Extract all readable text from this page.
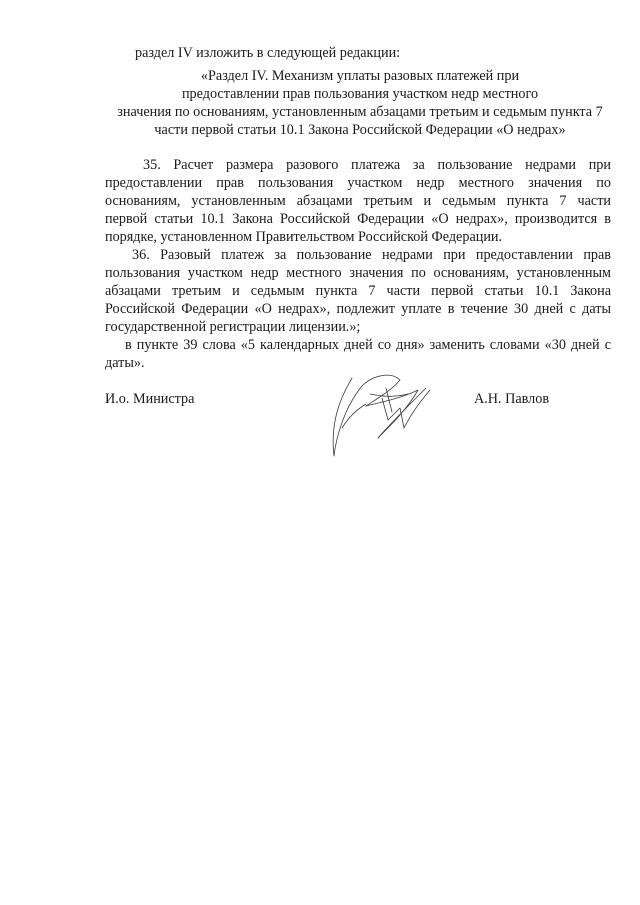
раздел IV изложить в следующей редакции:

«Раздел IV. Механизм уплаты разовых платежей при

предоставлении прав пользования участком недр местного

значения по основаниям, установленным абзацами третьим и седьмым пункта 7

части первой статьи 10.1 Закона Российской Федерации «О недрах»

35. Расчет размера разового платежа за пользование недрами при

предоставлении прав пользования участком недр местного значения по

основаниям, установленным абзацами третьим и седьмым пункта 7 части

первой статьи 10.1 Закона Российской Федерации «О недрах», производится в

порядке, установленном Правительством Российской Федерации.

36. Разовый платеж за пользование недрами при предоставлении прав

пользования участком недр местного значения по основаниям, установленным

абзацами третьим и седьмым пункта 7 части первой статьи 10.1 Закона

Российской Федерации «О недрах», подлежит уплате в течение 30 дней с даты

государственной регистрации лицензии.»;

в пункте 39 слова «5 календарных дней со дня» заменить словами «30 дней с

даты».

И.о. Министра	А.Н. Павлов
